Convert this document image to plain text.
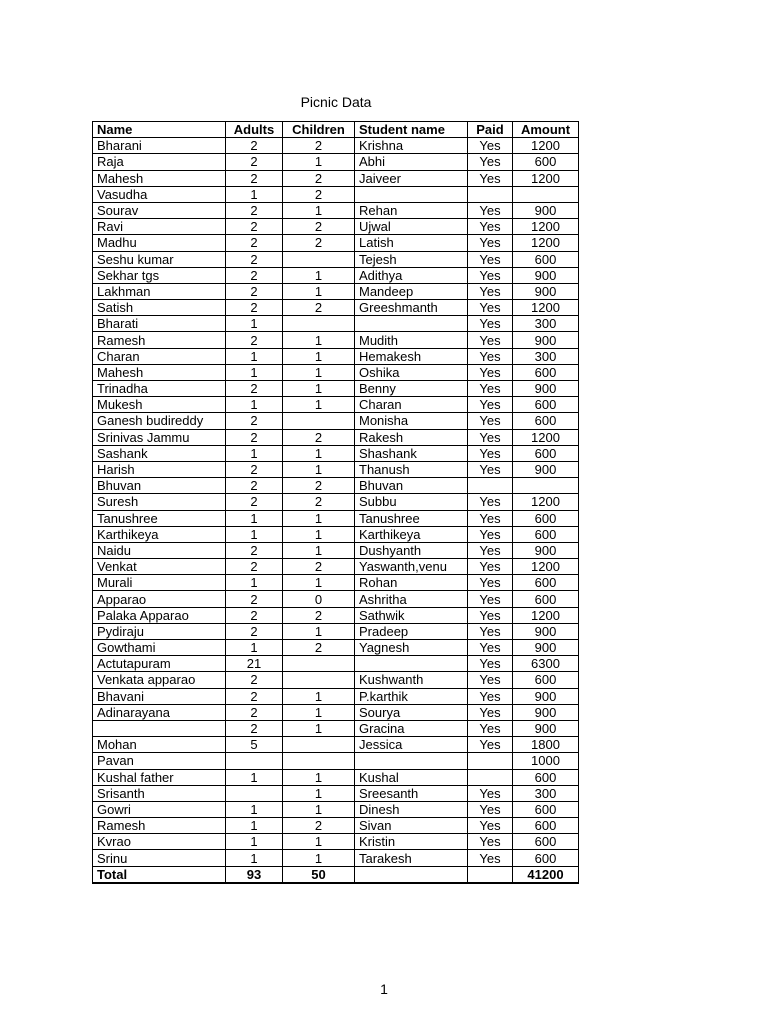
Picnic Data
Name	Adults	Children	Student name	Paid	Amount
Bharani	2	2	Krishna	Yes	1200
Raja	2	1	Abhi	Yes	600
Mahesh	2	2	Jaiveer	Yes	1200
Vasudha	1	2			
Sourav	2	1	Rehan	Yes	900
Ravi	2	2	Ujwal	Yes	1200
Madhu	2	2	Latish	Yes	1200
Seshu kumar	2		Tejesh	Yes	600
Sekhar tgs	2	1	Adithya	Yes	900
Lakhman	2	1	Mandeep	Yes	900
Satish	2	2	Greeshmanth	Yes	1200
Bharati	1			Yes	300
Ramesh	2	1	Mudith	Yes	900
Charan	1	1	Hemakesh	Yes	300
Mahesh	1	1	Oshika	Yes	600
Trinadha	2	1	Benny	Yes	900
Mukesh	1	1	Charan	Yes	600
Ganesh budireddy	2		Monisha	Yes	600
Srinivas Jammu	2	2	Rakesh	Yes	1200
Sashank	1	1	Shashank	Yes	600
Harish	2	1	Thanush	Yes	900
Bhuvan	2	2	Bhuvan		
Suresh	2	2	Subbu	Yes	1200
Tanushree	1	1	Tanushree	Yes	600
Karthikeya	1	1	Karthikeya	Yes	600
Naidu	2	1	Dushyanth	Yes	900
Venkat	2	2	Yaswanth,venu	Yes	1200
Murali	1	1	Rohan	Yes	600
Apparao	2	0	Ashritha	Yes	600
Palaka Apparao	2	2	Sathwik	Yes	1200
Pydiraju	2	1	Pradeep	Yes	900
Gowthami	1	2	Yagnesh	Yes	900
Actutapuram	21			Yes	6300
Venkata apparao	2		Kushwanth	Yes	600
Bhavani	2	1	P.karthik	Yes	900
Adinarayana	2	1	Sourya	Yes	900
	2	1	Gracina	Yes	900
Mohan	5		Jessica	Yes	1800
Pavan					1000
Kushal father	1	1	Kushal		600
Srisanth		1	Sreesanth	Yes	300
Gowri	1	1	Dinesh	Yes	600
Ramesh	1	2	Sivan	Yes	600
Kvrao	1	1	Kristin	Yes	600
Srinu	1	1	Tarakesh	Yes	600
Total	93	50			41200
1
